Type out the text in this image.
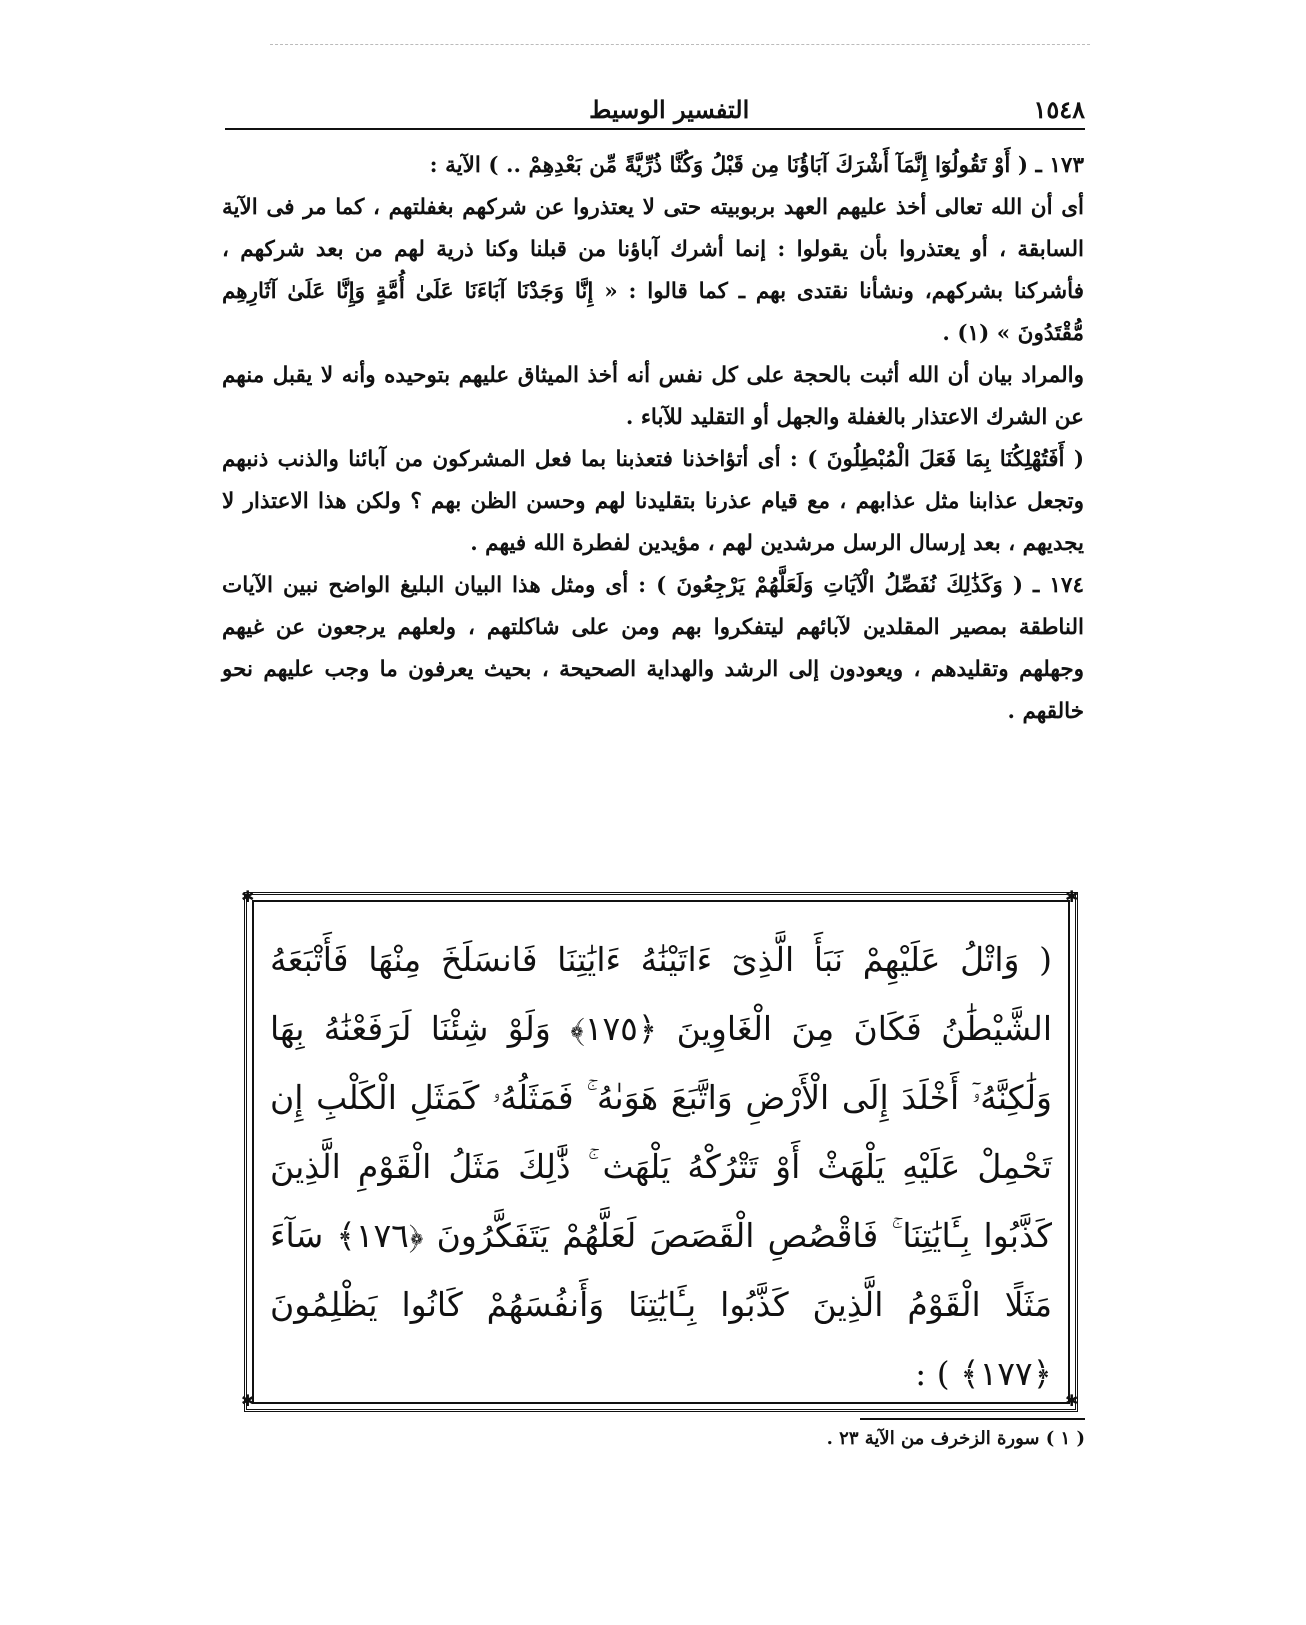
١٥٤٨
التفسير الوسيط

١٧٣ ـ ( أَوْ تَقُولُوٓا إِنَّمَآ أَشْرَكَ آبَاؤُنَا مِن قَبْلُ وَكُنَّا ذُرِّيَّةً مِّن بَعْدِهِمْ .. ) الآية :

أى أن الله تعالى أخذ عليهم العهد بربوبيته حتى لا يعتذروا عن شركهم بغفلتهم ، كما مر فى الآية السابقة ، أو يعتذروا بأن يقولوا : إنما أشرك آباؤنا من قبلنا وكنا ذرية لهم من بعد شركهم ، فأشركنا بشركهم، ونشأنا نقتدى بهم ـ كما قالوا : « إِنَّا وَجَدْنَا آبَاءَنَا عَلَىٰ أُمَّةٍ وَإِنَّا عَلَىٰ آثَارِهِم مُّقْتَدُونَ » (١) .

والمراد بيان أن الله أثبت بالحجة على كل نفس أنه أخذ الميثاق عليهم بتوحيده وأنه لا يقبل منهم عن الشرك الاعتذار بالغفلة والجهل أو التقليد للآباء .

( أَفَتُهْلِكُنَا بِمَا فَعَلَ الْمُبْطِلُونَ ) : أى أتؤاخذنا فتعذبنا بما فعل المشركون من آبائنا والذنب ذنبهم وتجعل عذابنا مثل عذابهم ، مع قيام عذرنا بتقليدنا لهم وحسن الظن بهم ؟ ولكن هذا الاعتذار لا يجديهم ، بعد إرسال الرسل مرشدين لهم ، مؤيدين لفطرة الله فيهم .

١٧٤ ـ ( وَكَذَٰلِكَ نُفَصِّلُ الْآيَاتِ وَلَعَلَّهُمْ يَرْجِعُونَ ) : أى ومثل هذا البيان البليغ الواضح نبين الآيات الناطقة بمصير المقلدين لآبائهم ليتفكروا بهم ومن على شاكلتهم ، ولعلهم يرجعون عن غيهم وجهلهم وتقليدهم ، ويعودون إلى الرشد والهداية الصحيحة ، بحيث يعرفون ما وجب عليهم نحو خالقهم .

✱	✱
✱	✱
( وَاتْلُ عَلَيْهِمْ نَبَأَ الَّذِىٓ ءَاتَيْنَٰهُ ءَايَٰتِنَا فَانسَلَخَ مِنْهَا فَأَتْبَعَهُ الشَّيْطَٰنُ فَكَانَ مِنَ الْغَاوِينَ ﴿١٧٥﴾ وَلَوْ شِئْنَا لَرَفَعْنَٰهُ بِهَا وَلَٰكِنَّهُۥٓ أَخْلَدَ إِلَى الْأَرْضِ وَاتَّبَعَ هَوَىٰهُ ۚ فَمَثَلُهُۥ كَمَثَلِ الْكَلْبِ إِن تَحْمِلْ عَلَيْهِ يَلْهَثْ أَوْ تَتْرُكْهُ يَلْهَث ۚ ذَّٰلِكَ مَثَلُ الْقَوْمِ الَّذِينَ كَذَّبُوا بِـَٔايَٰتِنَا ۚ فَاقْصُصِ الْقَصَصَ لَعَلَّهُمْ يَتَفَكَّرُونَ ﴿١٧٦﴾ سَآءَ مَثَلًا الْقَوْمُ الَّذِينَ كَذَّبُوا بِـَٔايَٰتِنَا وَأَنفُسَهُمْ كَانُوا يَظْلِمُونَ ﴿١٧٧﴾ ) :
( ١ ) سورة الزخرف من الآية ٢٣ .
